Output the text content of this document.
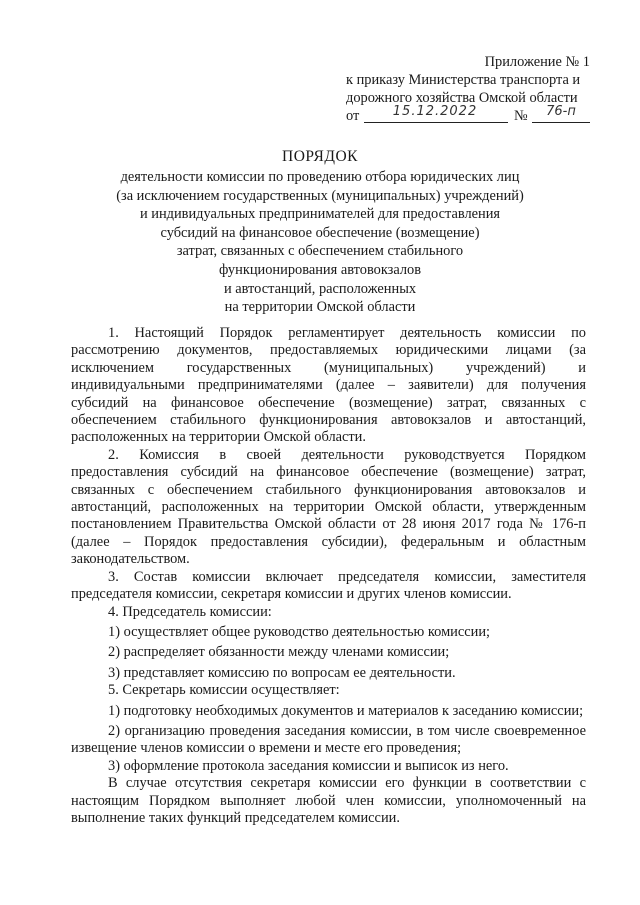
Приложение № 1
к приказу Министерства транспорта и
дорожного хозяйства Омской области
от	15.12.2022	№	76-п
ПОРЯДОК
деятельности комиссии по проведению отбора юридических лиц
(за исключением государственных (муниципальных) учреждений)
и индивидуальных предпринимателей для предоставления
субсидий на финансовое обеспечение (возмещение)
затрат, связанных с обеспечением стабильного
функционирования автовокзалов
и автостанций, расположенных
на территории Омской области

1. Настоящий Порядок регламентирует деятельность комиссии по рассмотрению документов, предоставляемых юридическими лицами (за исключением государственных (муниципальных) учреждений) и индивидуальными предпринимателями (далее – заявители) для получения субсидий на финансовое обеспечение (возмещение) затрат, связанных с обеспечением стабильного функционирования автовокзалов и автостанций, расположенных на территории Омской области.

2. Комиссия в своей деятельности руководствуется Порядком предоставления субсидий на финансовое обеспечение (возмещение) затрат, связанных с обеспечением стабильного функционирования автовокзалов и автостанций, расположенных на территории Омской области, утвержденным постановлением Правительства Омской области от 28 июня 2017 года № 176-п (далее – Порядок предоставления субсидии), федеральным и областным законодательством.

3. Состав комиссии включает председателя комиссии, заместителя председателя комиссии, секретаря комиссии и других членов комиссии.

4. Председатель комиссии:

1) осуществляет общее руководство деятельностью комиссии;

2) распределяет обязанности между членами комиссии;

3) представляет комиссию по вопросам ее деятельности.

5. Секретарь комиссии осуществляет:

1) подготовку необходимых документов и материалов к заседанию комиссии;

2) организацию проведения заседания комиссии, в том числе своевременное извещение членов комиссии о времени и месте его проведения;

3) оформление протокола заседания комиссии и выписок из него.

В случае отсутствия секретаря комиссии его функции в соответствии с настоящим Порядком выполняет любой член комиссии, уполномоченный на выполнение таких функций председателем комиссии.
